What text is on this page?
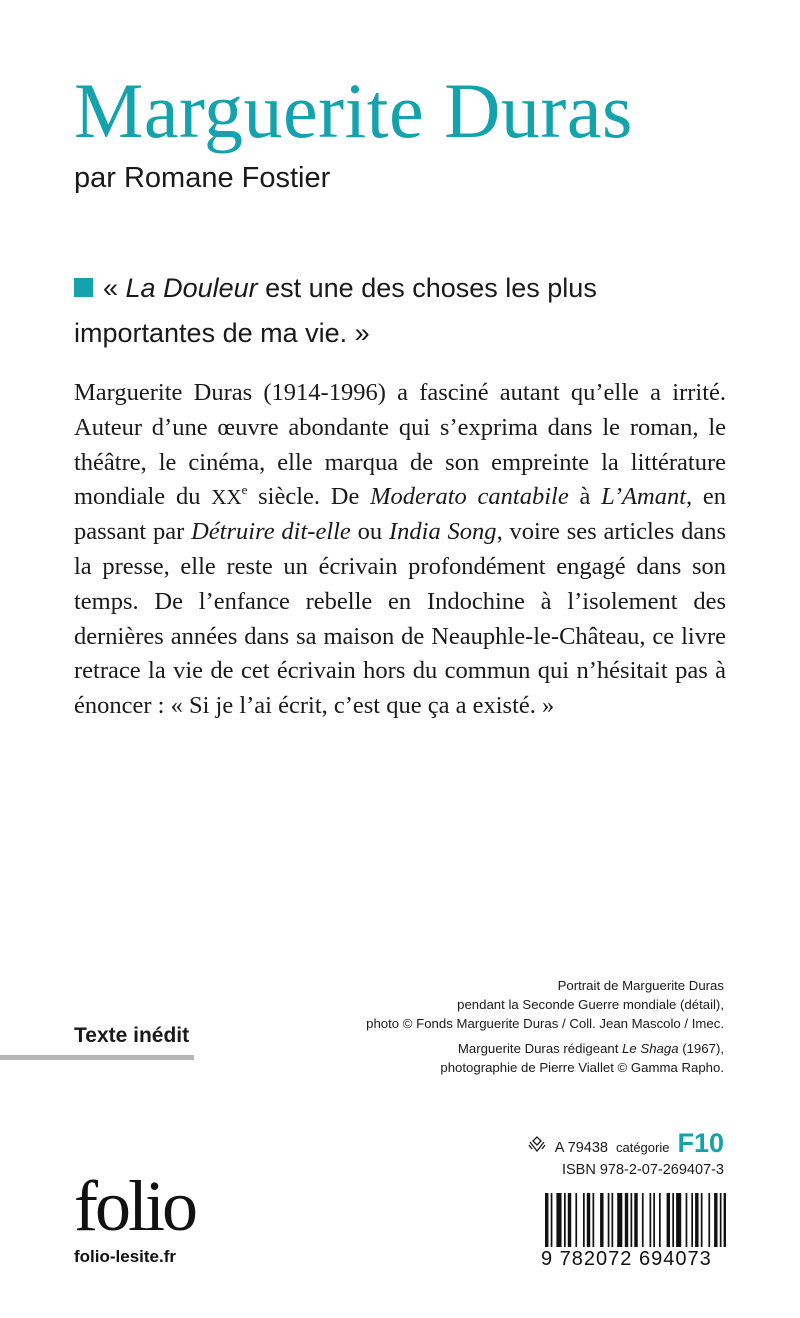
Marguerite Duras
par Romane Fostier
« La Douleur est une des choses les plus importantes de ma vie. »
Marguerite Duras (1914-1996) a fasciné autant qu’elle a irrité. Auteur d’une œuvre abondante qui s’exprima dans le roman, le théâtre, le cinéma, elle marqua de son empreinte la littérature mondiale du XXe siècle. De Moderato cantabile à L’Amant, en passant par Détruire dit-elle ou India Song, voire ses articles dans la presse, elle reste un écrivain profondément engagé dans son temps. De l’enfance rebelle en Indochine à l’isolement des dernières années dans sa maison de Neauphle-le-Château, ce livre retrace la vie de cet écrivain hors du commun qui n’hésitait pas à énoncer : « Si je l’ai écrit, c’est que ça a existé. »

Portrait de Marguerite Duras

pendant la Seconde Guerre mondiale (détail),

photo © Fonds Marguerite Duras / Coll. Jean Mascolo / Imec.

Marguerite Duras rédigeant Le Shaga (1967),

photographie de Pierre Viallet © Gamma Rapho.

Texte inédit
A 79438 catégorie F10
ISBN 978-2-07-269407-3
folio
folio-lesite.fr	9 782072 694073
